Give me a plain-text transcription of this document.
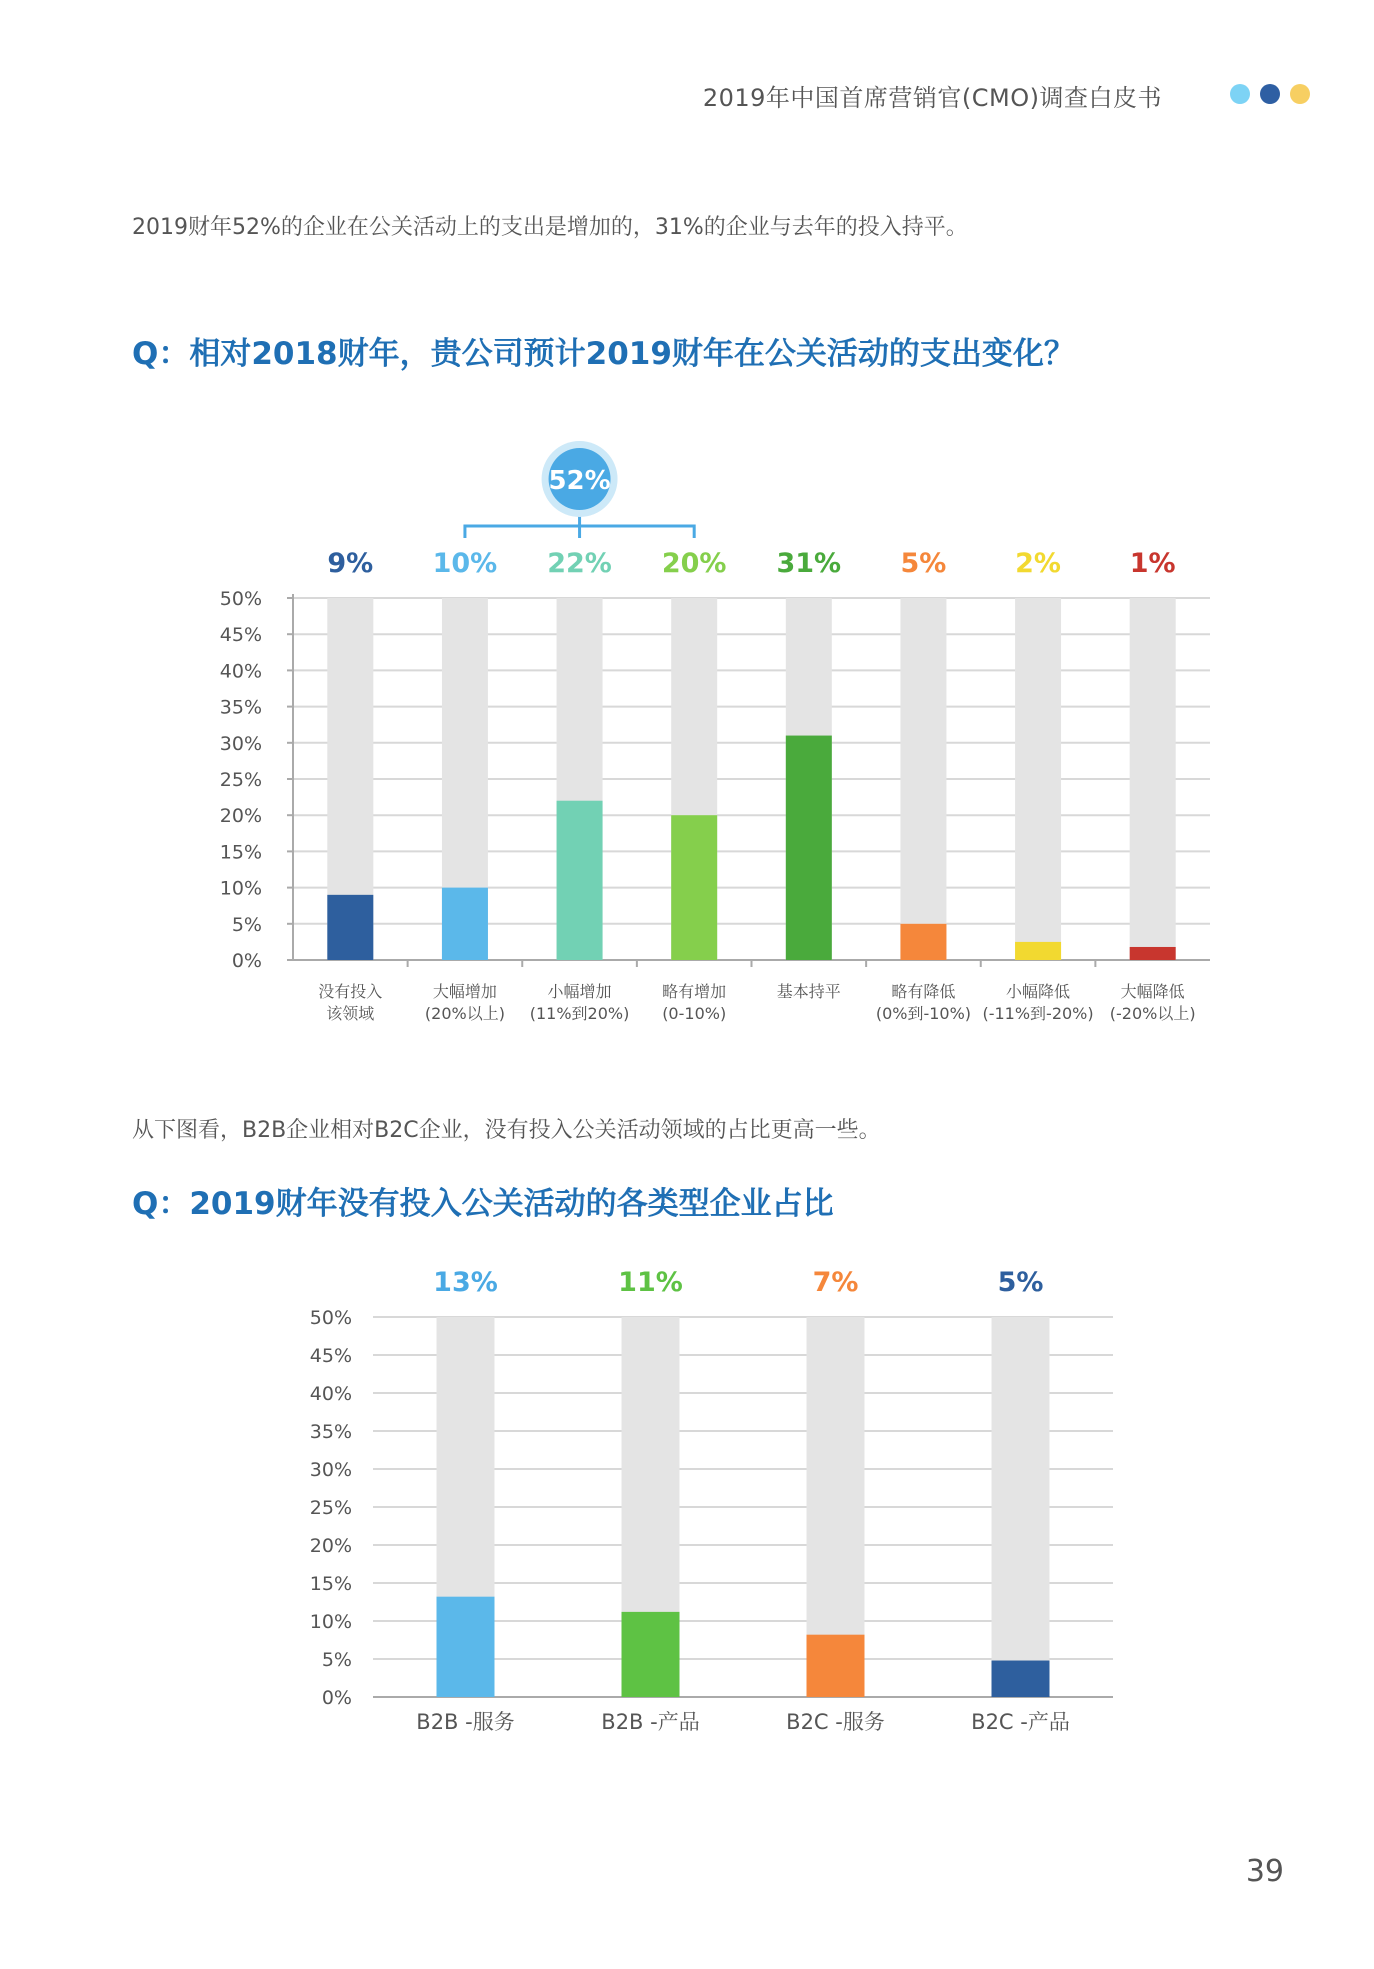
2019年中国首席营销官(CMO)调查白皮书
2019财年52%的企业在公关活动上的支出是增加的，31%的企业与去年的投入持平。
Q：相对2018财年，贵公司预计2019财年在公关活动的支出变化？
50%
45%
40%
35%
30%
25%
20%
15%
10%
5%
0%
9%
没有投入
该领域
10%
大幅增加
(20%以上)
22%
小幅增加
(11%到20%)
20%
略有增加
(0-10%)
31%
基本持平
5%
略有降低
(0%到-10%)
2%
小幅降低
(-11%到-20%)
1%
大幅降低
(-20%以上)
52%
从下图看，B2B企业相对B2C企业，没有投入公关活动领域的占比更高一些。
Q：2019财年没有投入公关活动的各类型企业占比
50%
45%
40%
35%
30%
25%
20%
15%
10%
5%
0%
13%
B2B -服务
11%
B2B -产品
7%
B2C -服务
5%
B2C -产品
39
